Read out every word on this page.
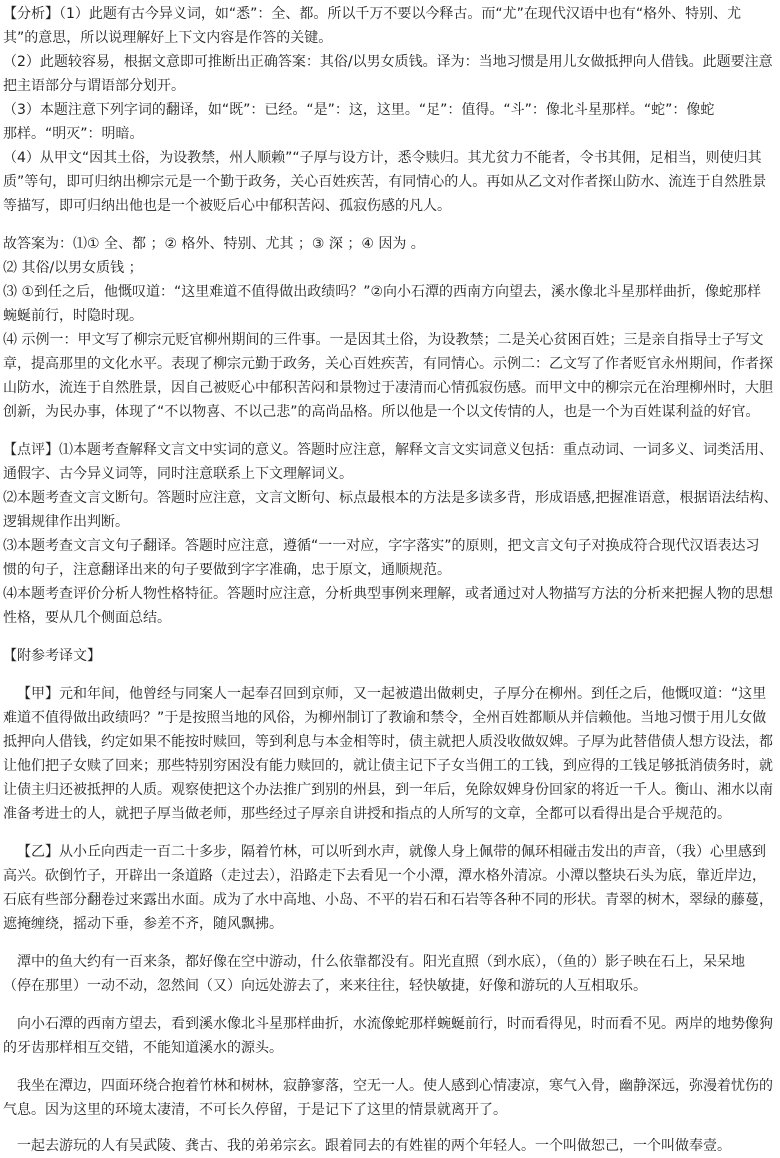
【分析】（1）此题有古今异义词，如“悉”：全、都。所以千万不要以今释古。而“尤”在现代汉语中也有“格外、特别、尤
其”的意思，所以说理解好上下文内容是作答的关键。
（2）此题较容易，根据文意即可推断出正确答案：其俗/以男女质钱。译为：当地习惯是用儿女做抵押向人借钱。此题要注意
把主语部分与谓语部分划开。
（3）本题注意下列字词的翻译，如“既”：已经。“是”：这，这里。“足”：值得。“斗”：像北斗星那样。“蛇”：像蛇
那样。“明灭”：明暗。
（4）从甲文“因其土俗，为设教禁，州人顺赖”“子厚与设方计，悉令赎归。其尤贫力不能者，令书其佣，足相当，则使归其
质”等句，即可归纳出柳宗元是一个勤于政务，关心百姓疾苦，有同情心的人。再如从乙文对作者探山防水、流连于自然胜景
等描写，即可归纳出他也是一个被贬后心中郁积苦闷、孤寂伤感的凡人。
故答案为：⑴① 全、都 ；② 格外、特别、尤其 ；③ 深 ；④ 因为 。
⑵ 其俗/以男女质钱 ；
⑶ ①到任之后，他慨叹道：“这里难道不值得做出政绩吗？”②向小石潭的西南方向望去，溪水像北斗星那样曲折，像蛇那样
蜿蜒前行，时隐时现。
⑷ 示例一：甲文写了柳宗元贬官柳州期间的三件事。一是因其土俗，为设教禁；二是关心贫困百姓；三是亲自指导士子写文
章，提高那里的文化水平。表现了柳宗元勤于政务，关心百姓疾苦，有同情心。示例二：乙文写了作者贬官永州期间，作者探
山防水，流连于自然胜景，因自己被贬心中郁积苦闷和景物过于凄清而心情孤寂伤感。而甲文中的柳宗元在治理柳州时，大胆
创新，为民办事，体现了“不以物喜、不以己悲”的高尚品格。所以他是一个以文传情的人，也是一个为百姓谋利益的好官。
【点评】⑴本题考查解释文言文中实词的意义。答题时应注意，解释文言文实词意义包括：重点动词、一词多义、词类活用、
通假字、古今异义词等，同时注意联系上下文理解词义。
⑵本题考查文言文断句。答题时应注意，文言文断句、标点最根本的方法是多读多背，形成语感,把握准语意，根据语法结构、
逻辑规律作出判断。
⑶本题考查文言文句子翻译。答题时应注意，遵循“一一对应，字字落实”的原则，把文言文句子对换成符合现代汉语表达习
惯的句子，注意翻译出来的句子要做到字字准确，忠于原文，通顺规范。
⑷本题考查评价分析人物性格特征。答题时应注意，分析典型事例来理解，或者通过对人物描写方法的分析来把握人物的思想
性格，要从几个侧面总结。
【附参考译文】
【甲】元和年间，他曾经与同案人一起奉召回到京师，又一起被遣出做刺史，子厚分在柳州。到任之后，他慨叹道：“这里
难道不值得做出政绩吗？”于是按照当地的风俗，为柳州制订了教谕和禁令，全州百姓都顺从并信赖他。当地习惯于用儿女做
抵押向人借钱，约定如果不能按时赎回，等到利息与本金相等时，债主就把人质没收做奴婢。子厚为此替借债人想方设法，都
让他们把子女赎了回来；那些特别穷困没有能力赎回的，就让债主记下子女当佣工的工钱，到应得的工钱足够抵消债务时，就
让债主归还被抵押的人质。观察使把这个办法推广到别的州县，到一年后，免除奴婢身份回家的将近一千人。衡山、湘水以南
准备考进士的人，就把子厚当做老师，那些经过子厚亲自讲授和指点的人所写的文章，全都可以看得出是合乎规范的。
【乙】从小丘向西走一百二十多步，隔着竹林，可以听到水声，就像人身上佩带的佩环相碰击发出的声音，（我）心里感到
高兴。砍倒竹子，开辟出一条道路（走过去），沿路走下去看见一个小潭，潭水格外清凉。小潭以整块石头为底，靠近岸边，
石底有些部分翻卷过来露出水面。成为了水中高地、小岛、不平的岩石和石岩等各种不同的形状。青翠的树木，翠绿的藤蔓，
遮掩缠绕，摇动下垂，参差不齐，随风飘拂。
潭中的鱼大约有一百来条，都好像在空中游动，什么依靠都没有。阳光直照（到水底），（鱼的）影子映在石上，呆呆地
（停在那里）一动不动，忽然间（又）向远处游去了，来来往往，轻快敏捷，好像和游玩的人互相取乐。
向小石潭的西南方望去，看到溪水像北斗星那样曲折，水流像蛇那样蜿蜒前行，时而看得见，时而看不见。两岸的地势像狗
的牙齿那样相互交错，不能知道溪水的源头。
我坐在潭边，四面环绕合抱着竹林和树林，寂静寥落，空无一人。使人感到心情凄凉，寒气入骨，幽静深远，弥漫着忧伤的
气息。因为这里的环境太凄清，不可长久停留，于是记下了这里的情景就离开了。
一起去游玩的人有吴武陵、龚古、我的弟弟宗玄。跟着同去的有姓崔的两个年轻人。一个叫做恕己，一个叫做奉壹。
